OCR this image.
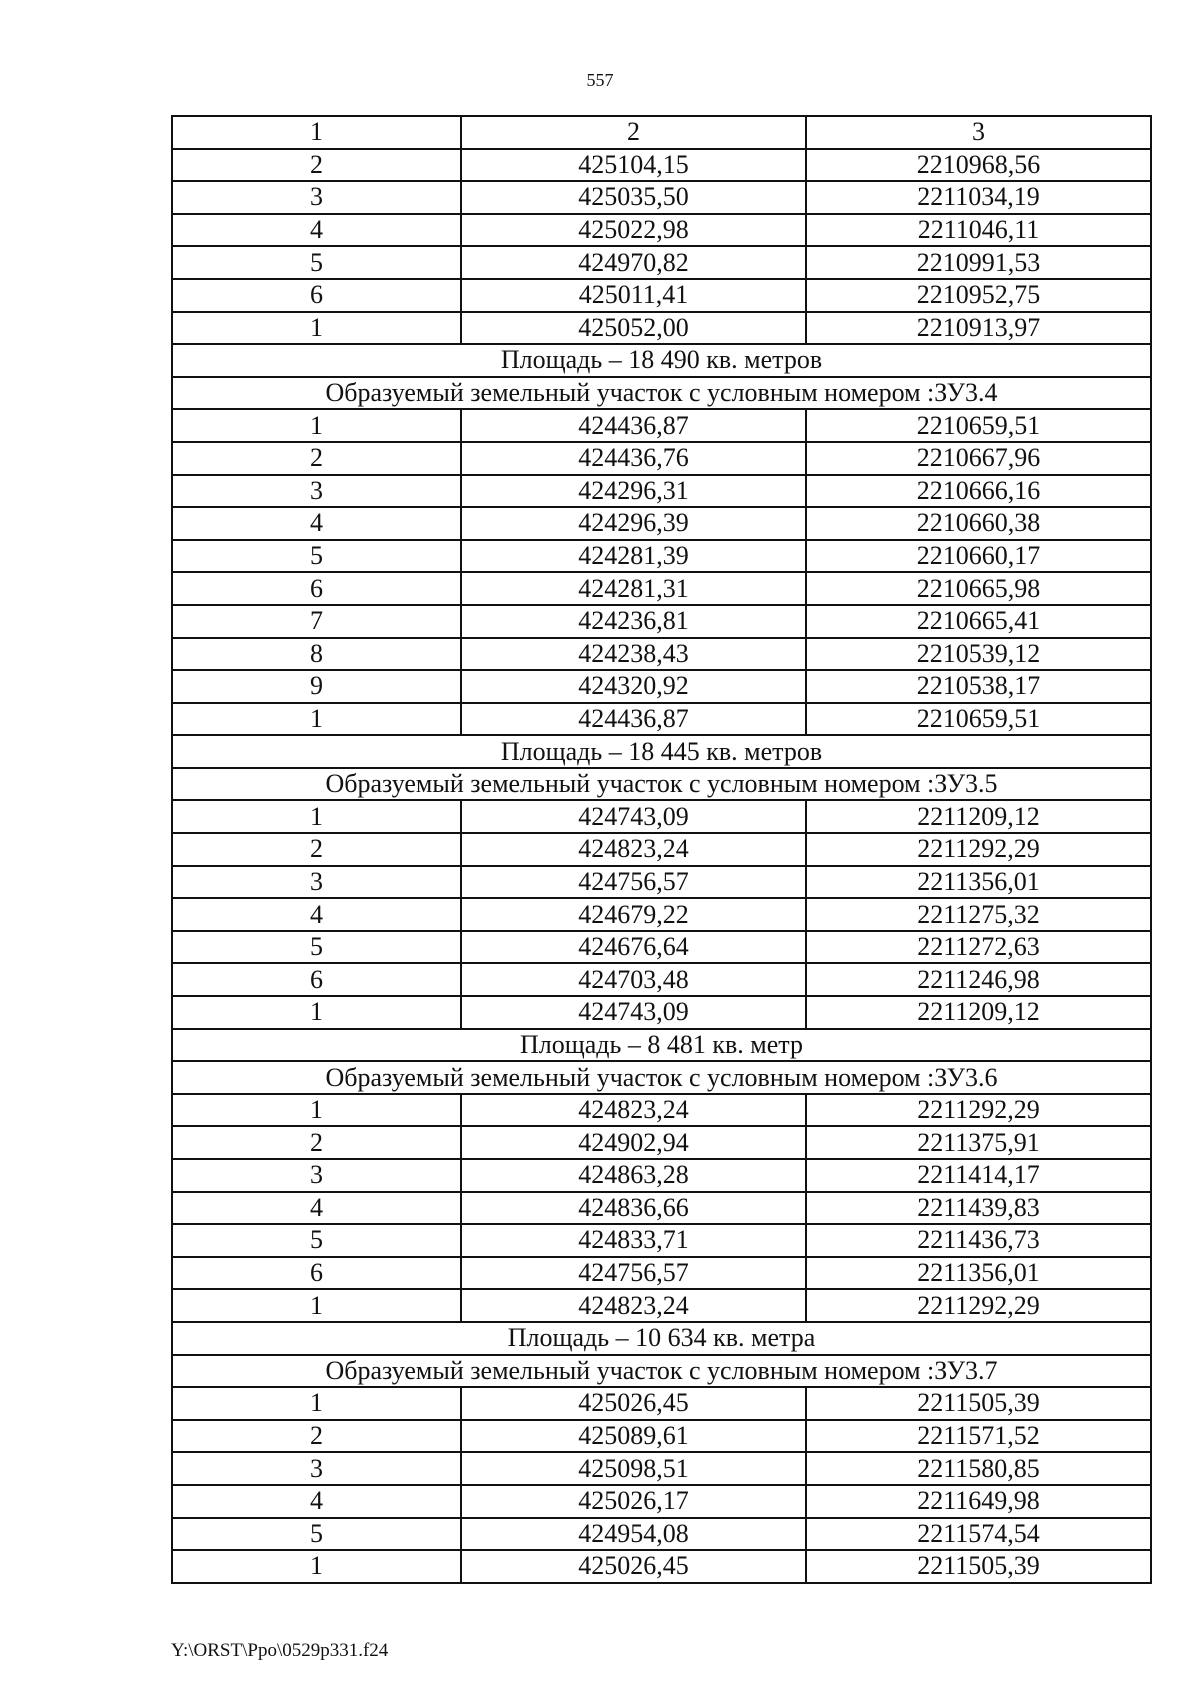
557
1	2	3
2	425104,15	2210968,56
3	425035,50	2211034,19
4	425022,98	2211046,11
5	424970,82	2210991,53
6	425011,41	2210952,75
1	425052,00	2210913,97
Площадь – 18 490 кв. метров		
Образуемый земельный участок с условным номером :ЗУ3.4		
1	424436,87	2210659,51
2	424436,76	2210667,96
3	424296,31	2210666,16
4	424296,39	2210660,38
5	424281,39	2210660,17
6	424281,31	2210665,98
7	424236,81	2210665,41
8	424238,43	2210539,12
9	424320,92	2210538,17
1	424436,87	2210659,51
Площадь – 18 445 кв. метров		
Образуемый земельный участок с условным номером :ЗУ3.5		
1	424743,09	2211209,12
2	424823,24	2211292,29
3	424756,57	2211356,01
4	424679,22	2211275,32
5	424676,64	2211272,63
6	424703,48	2211246,98
1	424743,09	2211209,12
Площадь – 8 481 кв. метр		
Образуемый земельный участок с условным номером :ЗУ3.6		
1	424823,24	2211292,29
2	424902,94	2211375,91
3	424863,28	2211414,17
4	424836,66	2211439,83
5	424833,71	2211436,73
6	424756,57	2211356,01
1	424823,24	2211292,29
Площадь – 10 634 кв. метра		
Образуемый земельный участок с условным номером :ЗУ3.7		
1	425026,45	2211505,39
2	425089,61	2211571,52
3	425098,51	2211580,85
4	425026,17	2211649,98
5	424954,08	2211574,54
1	425026,45	2211505,39
Y:\ORST\Ppo\0529p331.f24
